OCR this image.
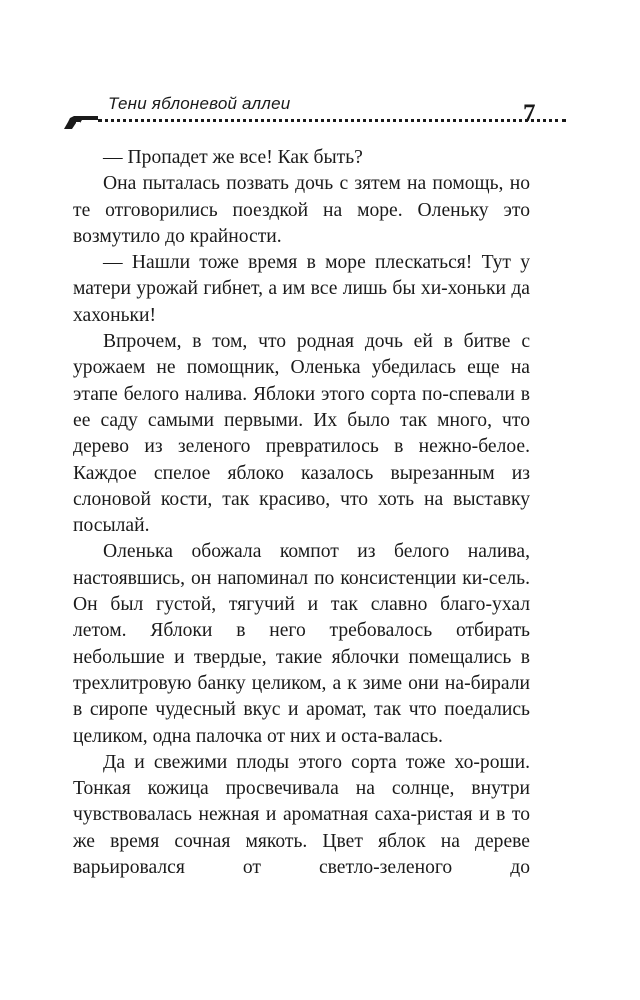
Тени яблоневой аллеи	7

— Пропадет же все! Как быть?

Она пыталась позвать дочь с зятем на помощь, но те отговорились поездкой на море. Оленьку это возмутило до крайности.

— Нашли тоже время в море плескаться! Тут у матери урожай гибнет, а им все лишь бы хи-хоньки да хахоньки!

Впрочем, в том, что родная дочь ей в битве с урожаем не помощник, Оленька убедилась еще на этапе белого налива. Яблоки этого сорта по-спевали в ее саду самыми первыми. Их было так много, что дерево из зеленого превратилось в нежно-белое. Каждое спелое яблоко казалось вырезанным из слоновой кости, так красиво, что хоть на выставку посылай.

Оленька обожала компот из белого налива, настоявшись, он напоминал по консистенции ки-сель. Он был густой, тягучий и так славно благо-ухал летом. Яблоки в него требовалось отбирать небольшие и твердые, такие яблочки помещались в трехлитровую банку целиком, а к зиме они на-бирали в сиропе чудесный вкус и аромат, так что поедались целиком, одна палочка от них и оста-валась.

Да и свежими плоды этого сорта тоже хо-роши. Тонкая кожица просвечивала на солнце, внутри чувствовалась нежная и ароматная саха-ристая и в то же время сочная мякоть. Цвет яблок на дереве варьировался от светло-зеленого до
